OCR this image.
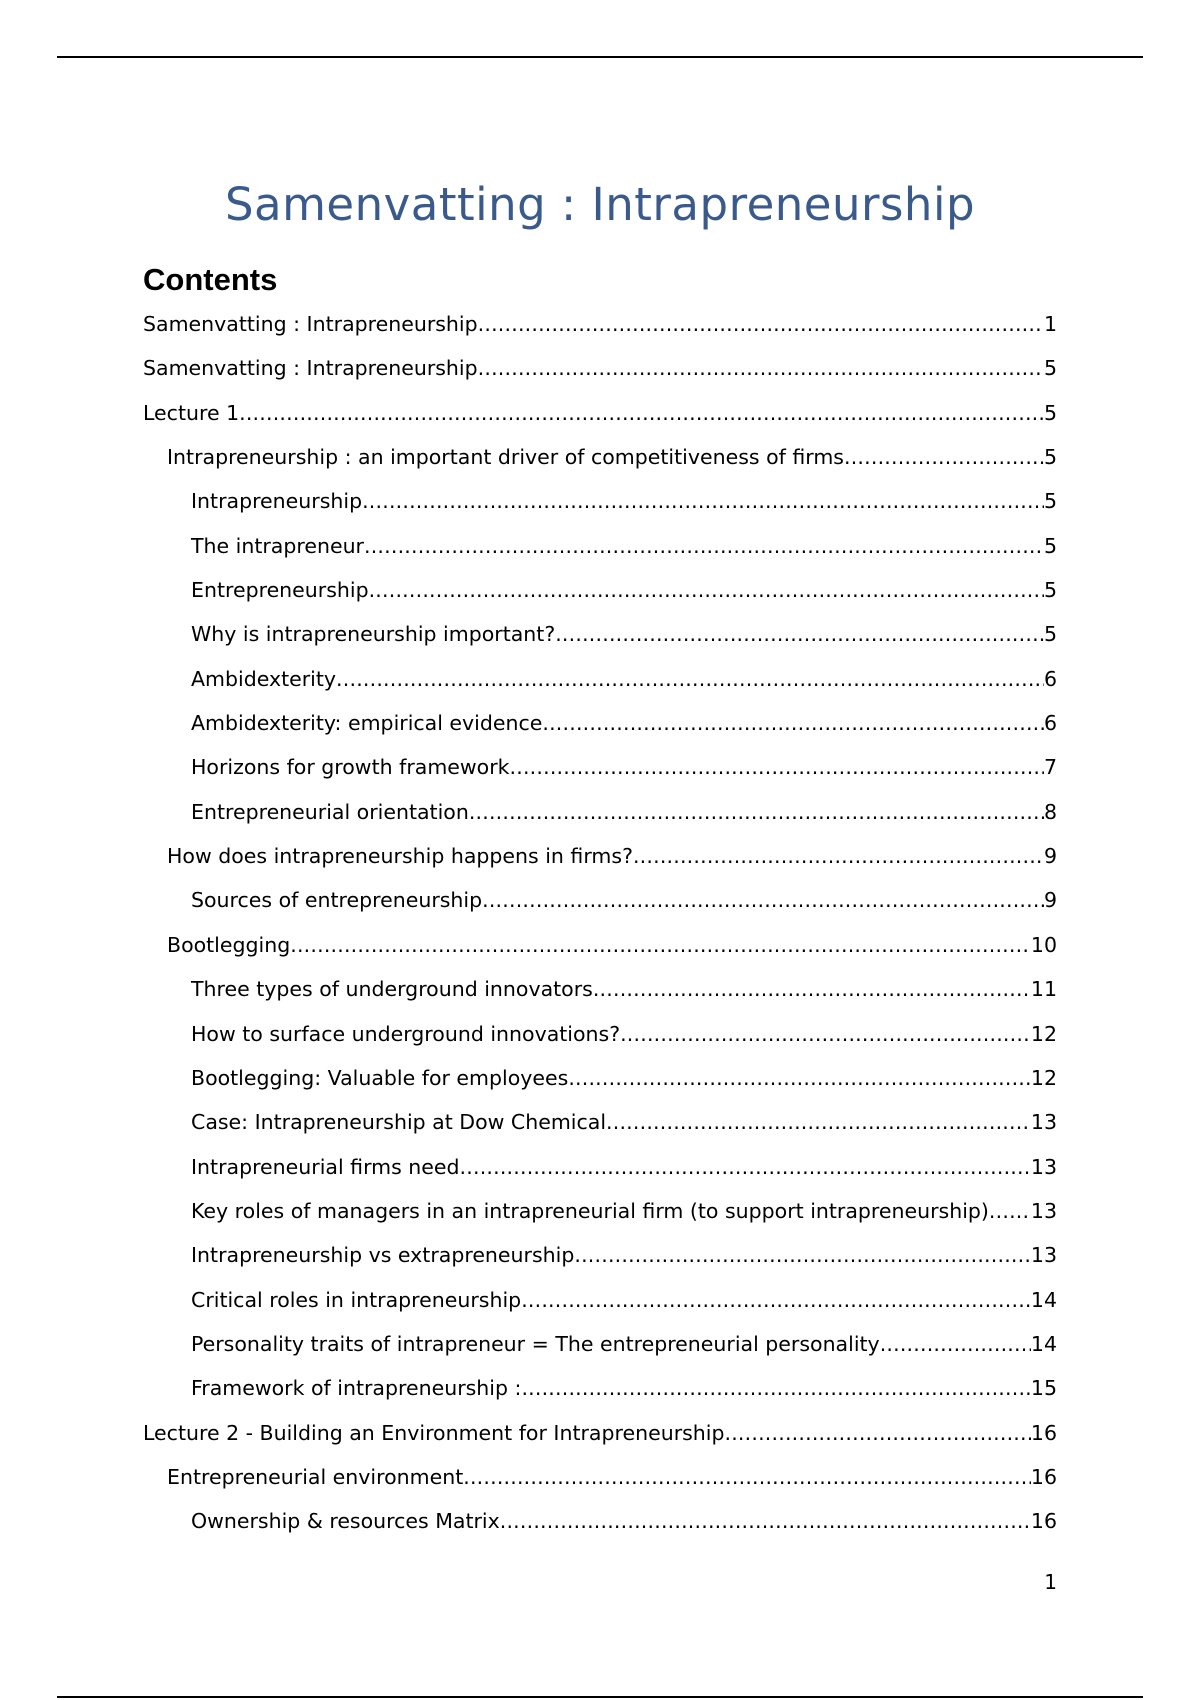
Samenvatting : Intrapreneurship
Contents
Samenvatting : Intrapreneurship .....	1
Samenvatting : Intrapreneurship .....	5
Lecture 1 .....	5
Intrapreneurship : an important driver of competitiveness of firms .....	5
Intrapreneurship .....	5
The intrapreneur .....	5
Entrepreneurship .....	5
Why is intrapreneurship important? .....	5
Ambidexterity .....	6
Ambidexterity: empirical evidence .....	6
Horizons for growth framework .....	7
Entrepreneurial orientation .....	8
How does intrapreneurship happens in firms? .....	9
Sources of entrepreneurship .....	9
Bootlegging .....	10
Three types of underground innovators .....	11
How to surface underground innovations? .....	12
Bootlegging: Valuable for employees .....	12
Case: Intrapreneurship at Dow Chemical .....	13
Intrapreneurial firms need .....	13
Key roles of managers in an intrapreneurial firm (to support intrapreneurship) ..... 13
Intrapreneurship vs extrapreneurship .....	13
Critical roles in intrapreneurship .....	14
Personality traits of intrapreneur = The entrepreneurial personality .....	14
Framework of intrapreneurship : .....	15
Lecture 2 - Building an Environment for Intrapreneurship .....	16
Entrepreneurial environment .....	16
Ownership & resources Matrix .....	16
1
